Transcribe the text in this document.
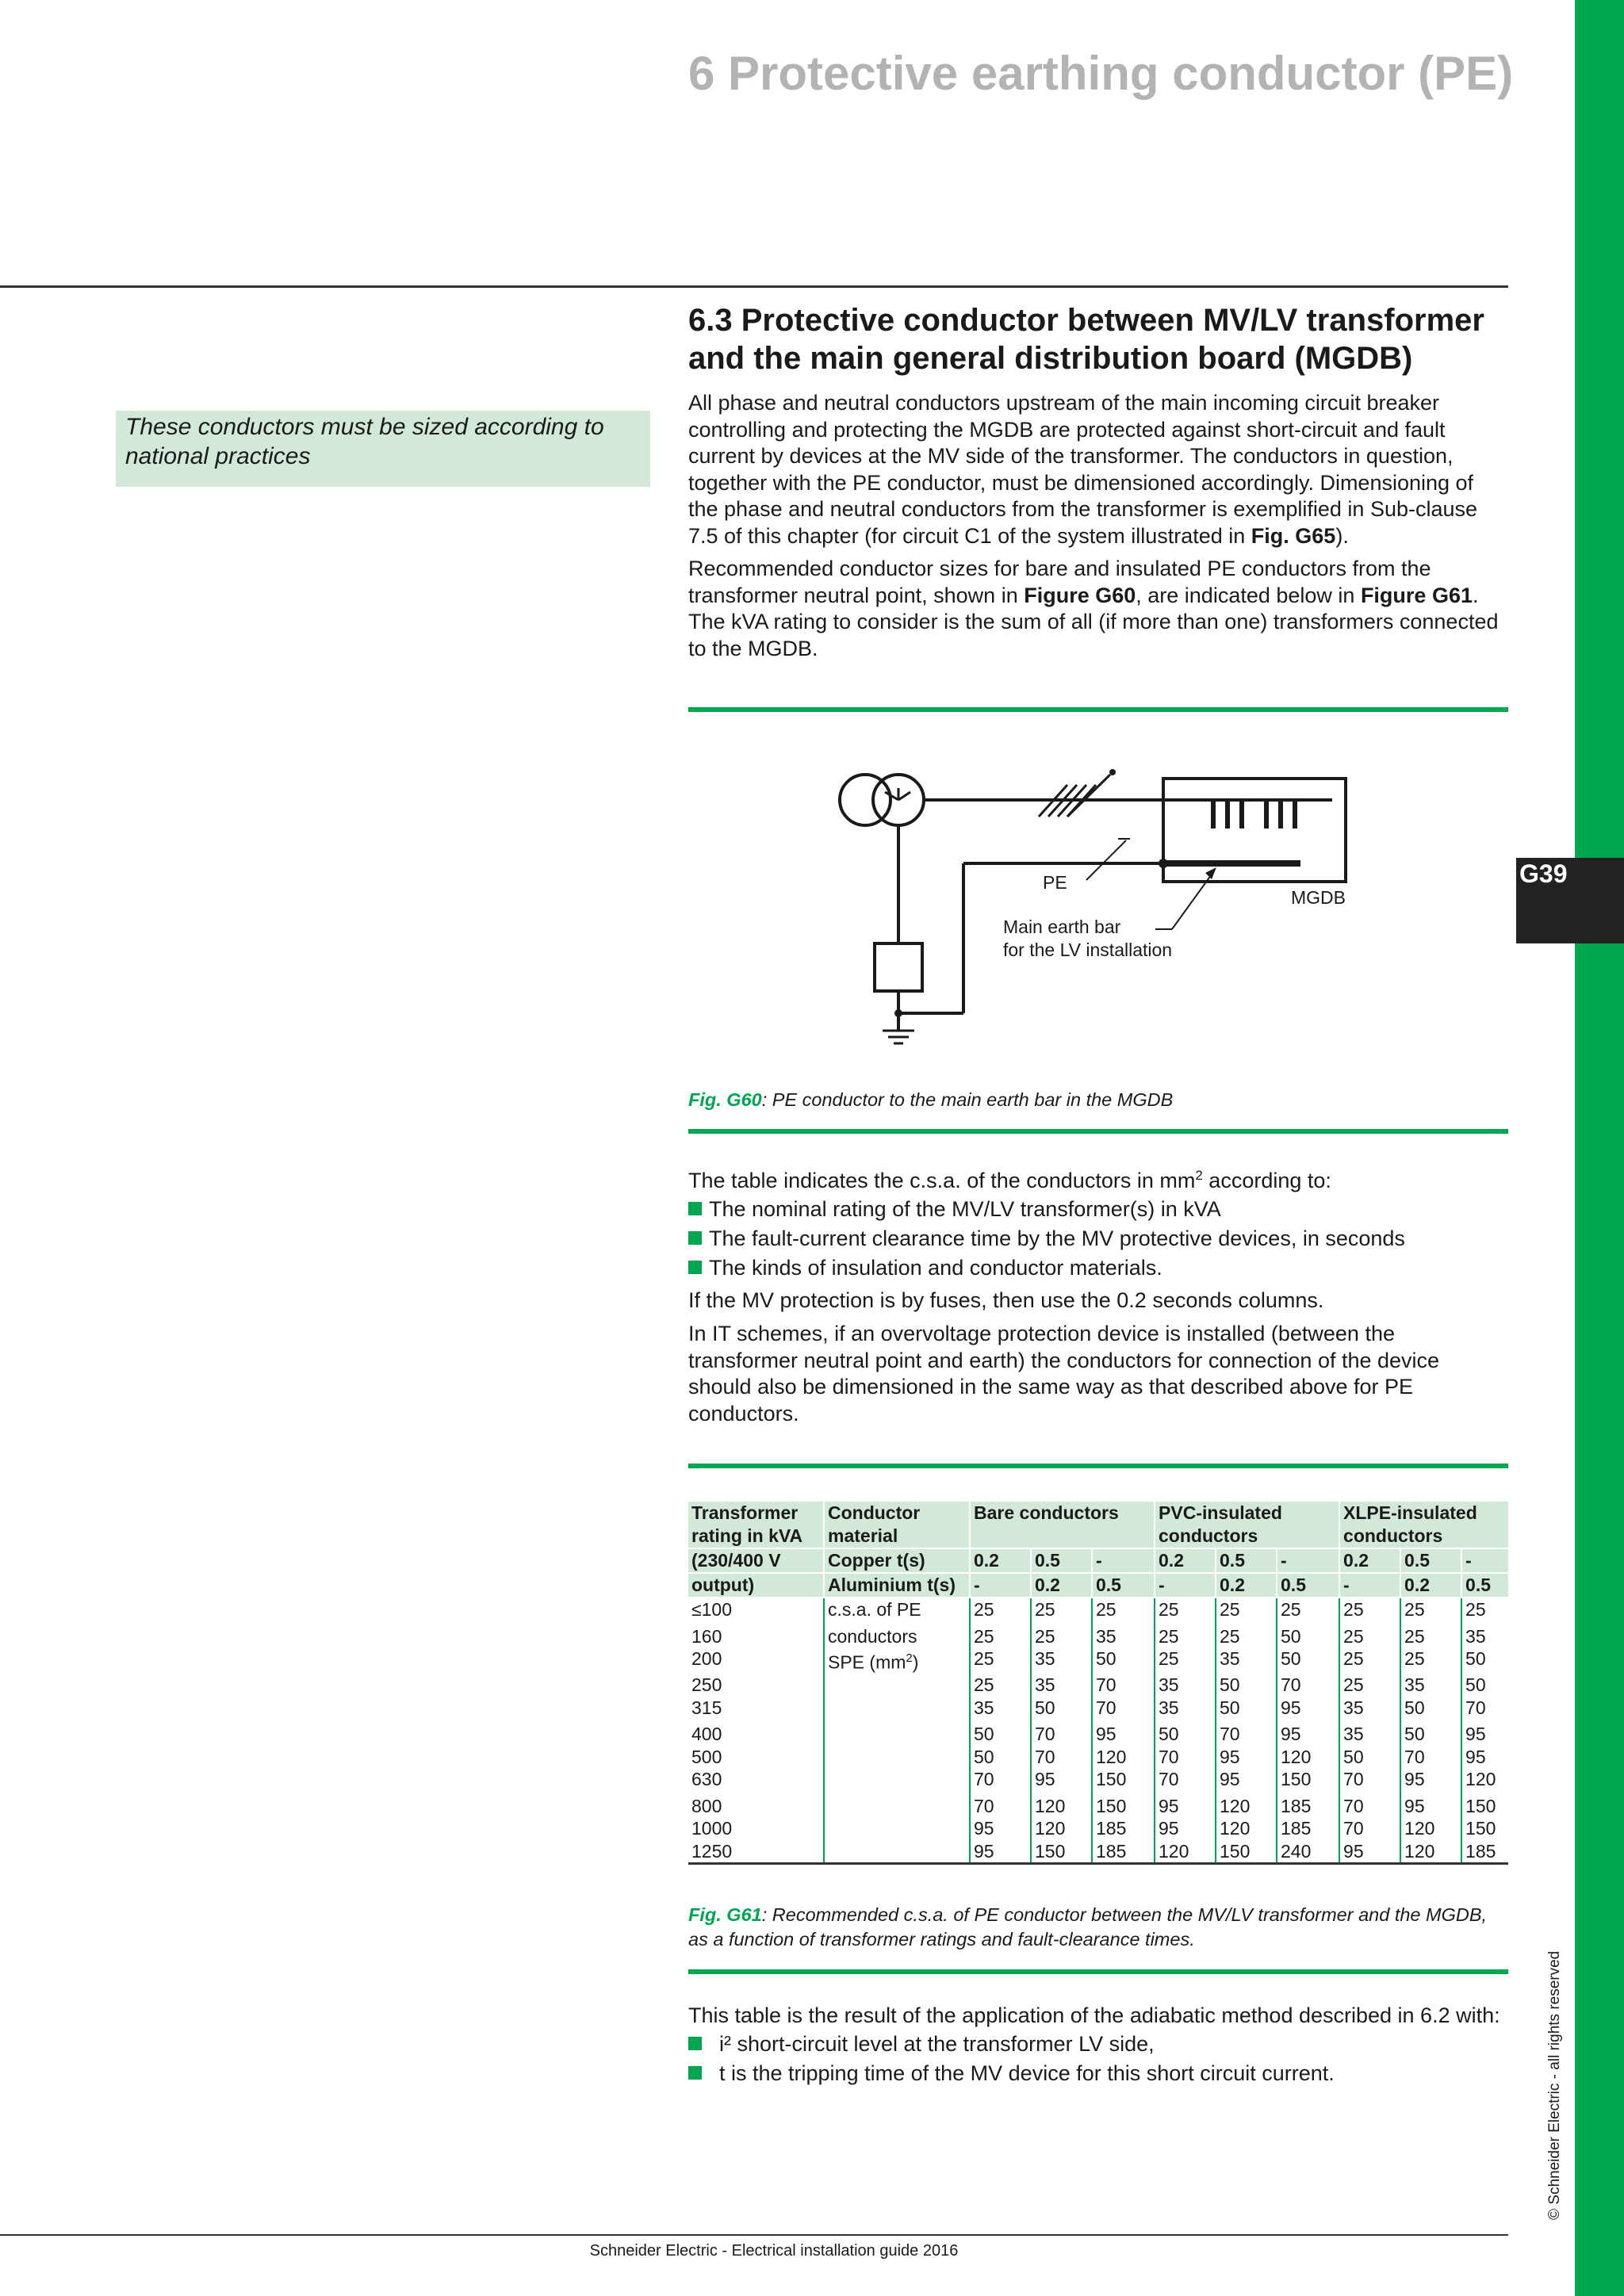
G39
© Schneider Electric - all rights reserved
6 Protective earthing conductor (PE)
These conductors must be sized according to national practices
6.3 Protective conductor between MV/LV transformer and the main general distribution board (MGDB)

All phase and neutral conductors upstream of the main incoming circuit breaker controlling and protecting the MGDB are protected against short-circuit and fault current by devices at the MV side of the transformer. The conductors in question, together with the PE conductor, must be dimensioned accordingly. Dimensioning of the phase and neutral conductors from the transformer is exemplified in Sub-clause 7.5 of this chapter (for circuit C1 of the system illustrated in Fig. G65).

Recommended conductor sizes for bare and insulated PE conductors from the transformer neutral point, shown in Figure G60, are indicated below in Figure G61. The kVA rating to consider is the sum of all (if more than one) transformers connected to the MGDB.

PE
MGDB
Main earth bar
for the LV installation
Fig. G60: PE conductor to the main earth bar in the MGDB

The table indicates the c.s.a. of the conductors in $mm^2$ according to:

The nominal rating of the MV/LV transformer(s) in kVA
The fault-current clearance time by the MV protective devices, in seconds
The kinds of insulation and conductor materials.

If the MV protection is by fuses, then use the 0.2 seconds columns.

In IT schemes, if an overvoltage protection device is installed (between the transformer neutral point and earth) the conductors for connection of the device should also be dimensioned in the same way as that described above for PE conductors.

Transformer rating in kVA	Conductor material	Bare conductors			PVC-insulated conductors			XLPE-insulated conductors		

(230/400 V	Copper t(s)	0.2	0.5	-	0.2	0.5	-	0.2	0.5	-
output)	Aluminium t(s)	-	0.2	0.5	-	0.2	0.5	-	0.2	0.5
≤100	c.s.a. of PE	25	25	25	25	25	25	25	25	25
160	conductors	25	25	35	25	25	50	25	25	35
200	SPE $(mm^2)$	25	35	50	25	35	50	25	25	50
250		25	35	70	35	50	70	25	35	50
315		35	50	70	35	50	95	35	50	70
400		50	70	95	50	70	95	35	50	95
500		50	70	120	70	95	120	50	70	95
630		70	95	150	70	95	150	70	95	120
800		70	120	150	95	120	185	70	95	150
1000		95	120	185	95	120	185	70	120	150
1250		95	150	185	120	150	240	95	120	185
Fig. G61: Recommended c.s.a. of PE conductor between the MV/LV transformer and the MGDB, as a function of transformer ratings and fault-clearance times.

This table is the result of the application of the adiabatic method described in 6.2 with:

i² short-circuit level at the transformer LV side,
t is the tripping time of the MV device for this short circuit current.
Schneider Electric - Electrical installation guide 2016
